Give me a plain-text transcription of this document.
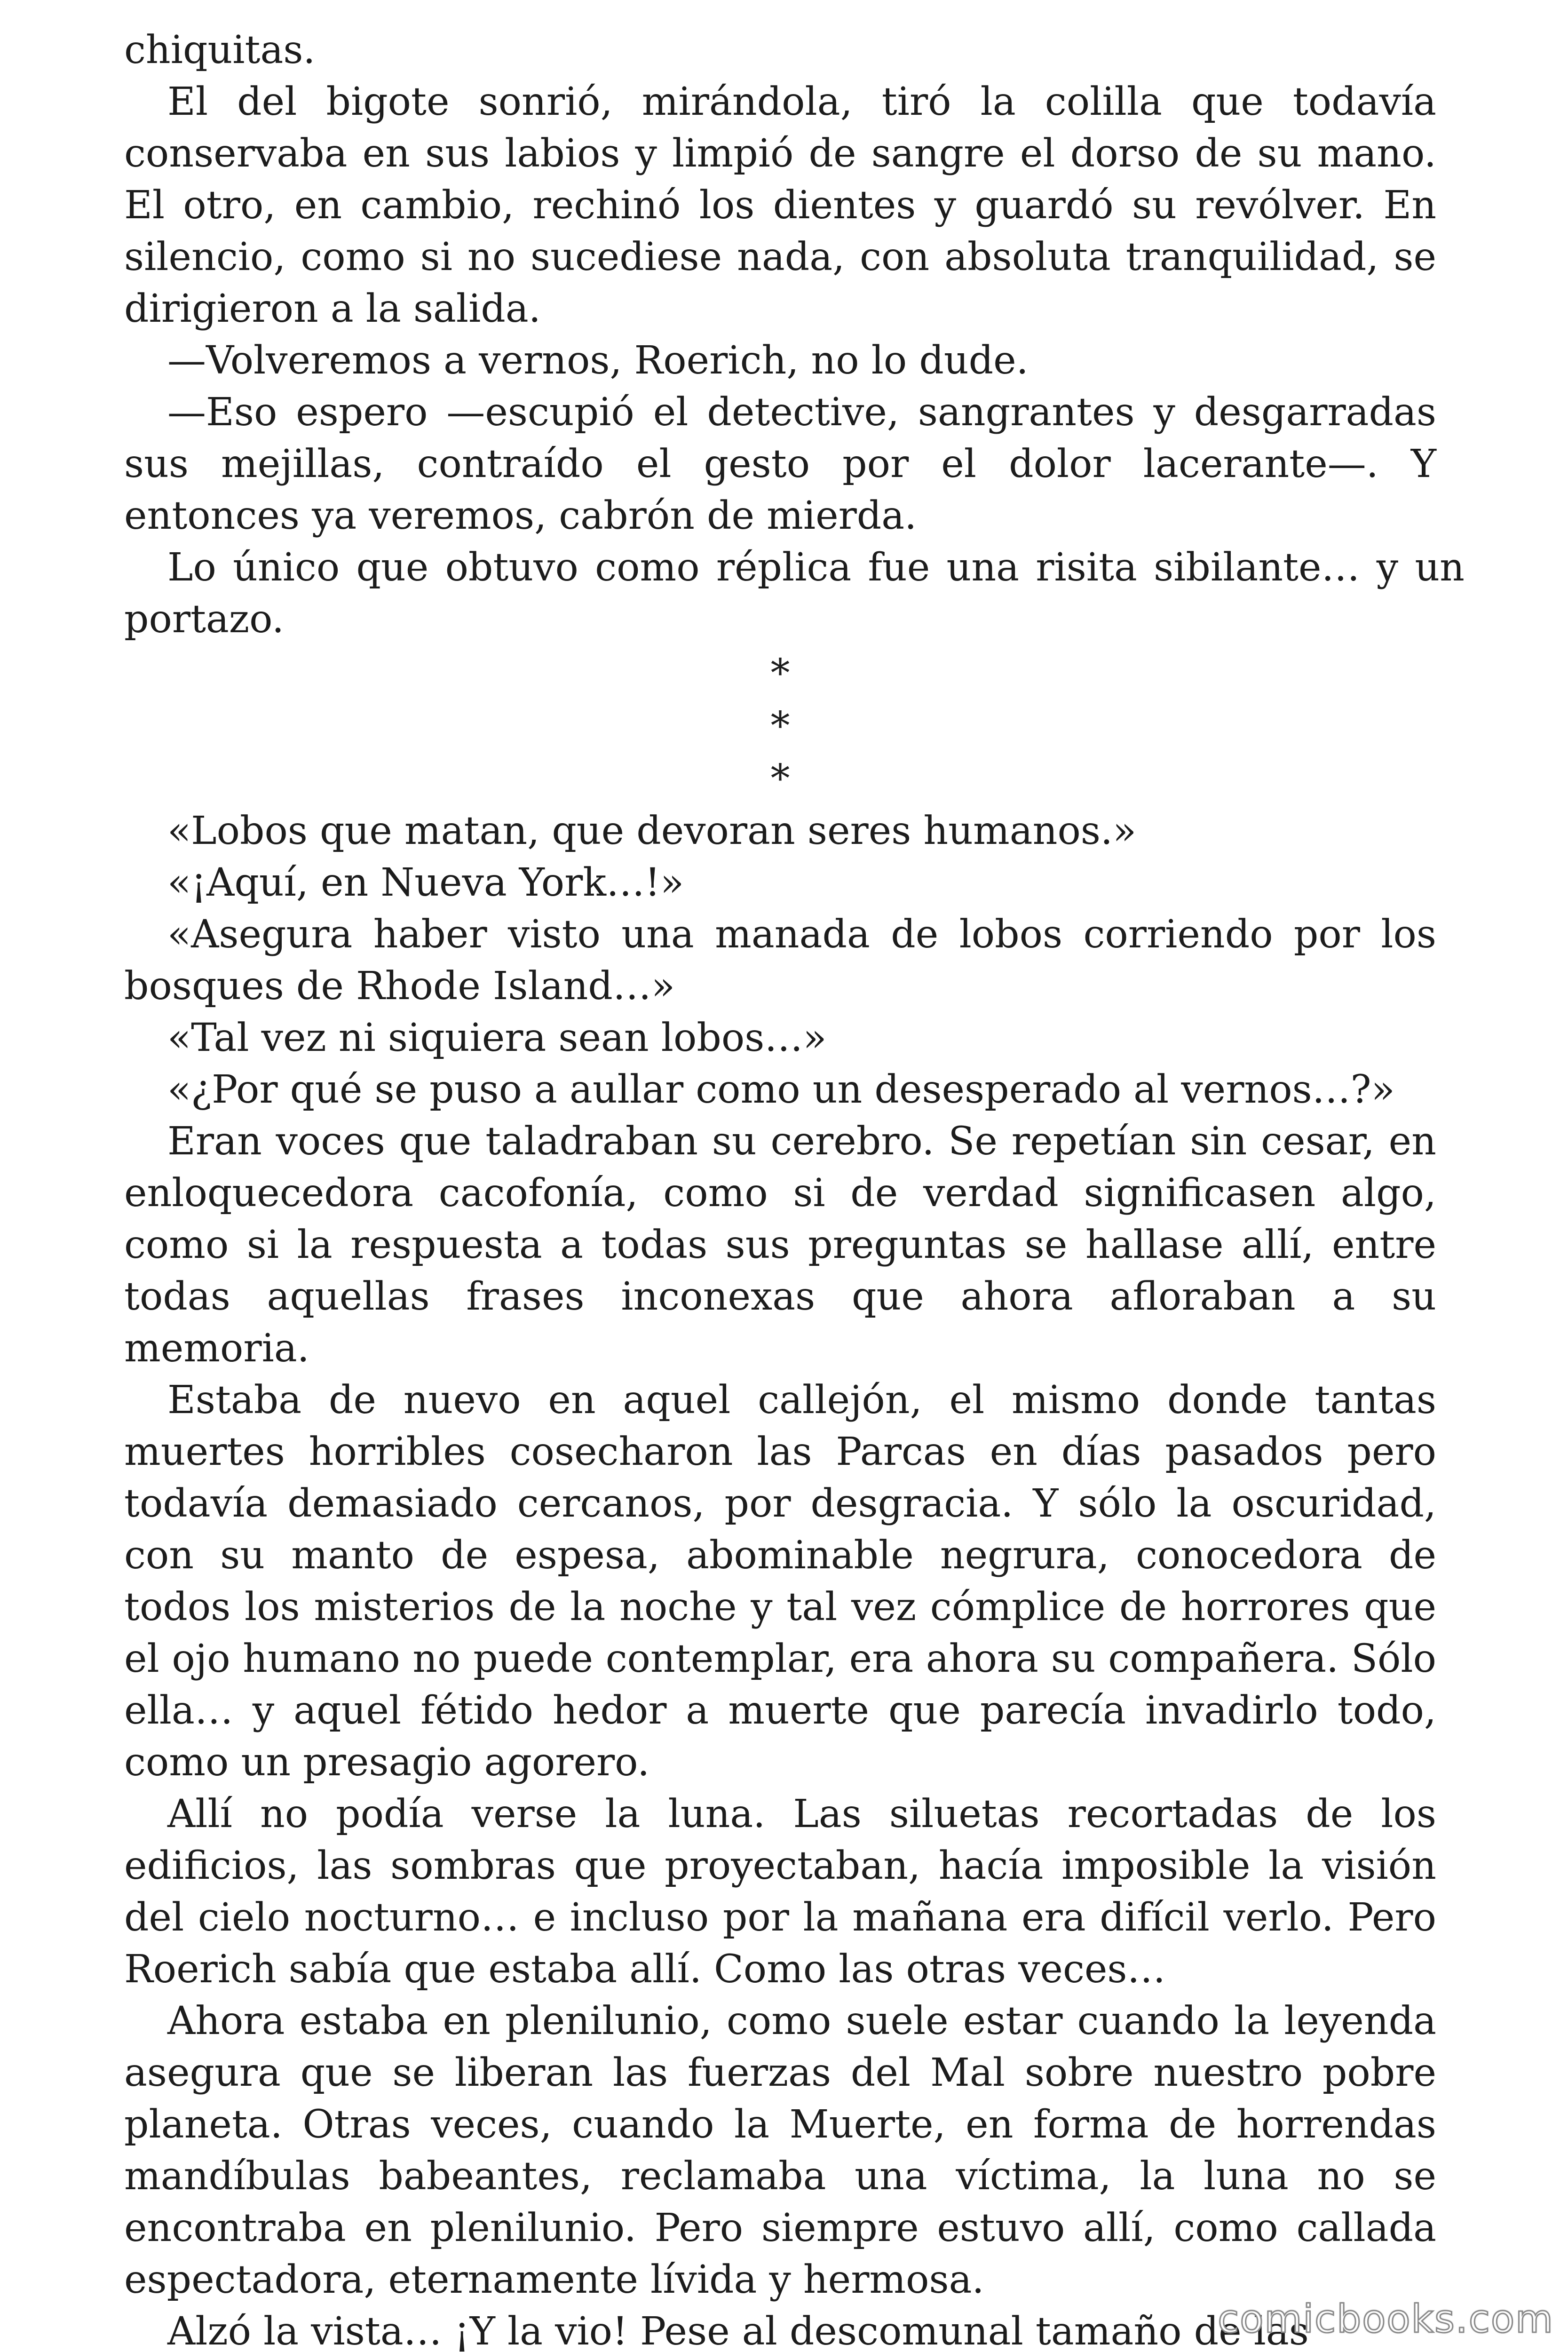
chiquitas.

El del bigote sonrió, mirándola, tiró la colilla que todavía conservaba en sus labios y limpió de sangre el dorso de su mano. El otro, en cambio, rechinó los dientes y guardó su revólver. En silencio, como si no sucediese nada, con absoluta tranquilidad, se dirigieron a la salida.

—Volveremos a vernos, Roerich, no lo dude.

—Eso espero —escupió el detective, sangrantes y desgarradas sus mejillas, contraído el gesto por el dolor lacerante—. Y entonces ya veremos, cabrón de mierda.

Lo único que obtuvo como réplica fue una risita sibilante… y un portazo.

*
*
*

«Lobos que matan, que devoran seres humanos.»

«¡Aquí, en Nueva York…!»

«Asegura haber visto una manada de lobos corriendo por los bosques de Rhode Island…»

«Tal vez ni siquiera sean lobos…»

«¿Por qué se puso a aullar como un desesperado al vernos…?»

Eran voces que taladraban su cerebro. Se repetían sin cesar, en enloquecedora cacofonía, como si de verdad significasen algo, como si la respuesta a todas sus preguntas se hallase allí, entre todas aquellas frases inconexas que ahora afloraban a su memoria.

Estaba de nuevo en aquel callejón, el mismo donde tantas muertes horribles cosecharon las Parcas en días pasados pero todavía demasiado cercanos, por desgracia. Y sólo la oscuridad, con su manto de espesa, abominable negrura, conocedora de todos los misterios de la noche y tal vez cómplice de horrores que el ojo humano no puede contemplar, era ahora su compañera. Sólo ella… y aquel fétido hedor a muerte que parecía invadirlo todo, como un presagio agorero.

Allí no podía verse la luna. Las siluetas recortadas de los edificios, las sombras que proyectaban, hacía imposible la visión del cielo nocturno… e incluso por la mañana era difícil verlo. Pero Roerich sabía que estaba allí. Como las otras veces…

Ahora estaba en plenilunio, como suele estar cuando la leyenda asegura que se liberan las fuerzas del Mal sobre nuestro pobre planeta. Otras veces, cuando la Muerte, en forma de horrendas mandíbulas babeantes, reclamaba una víctima, la luna no se encontraba en plenilunio. Pero siempre estuvo allí, como callada espectadora, eternamente lívida y hermosa.

Alzó la vista… ¡Y la vio! Pese al descomunal tamaño de las

comicbooks.com
